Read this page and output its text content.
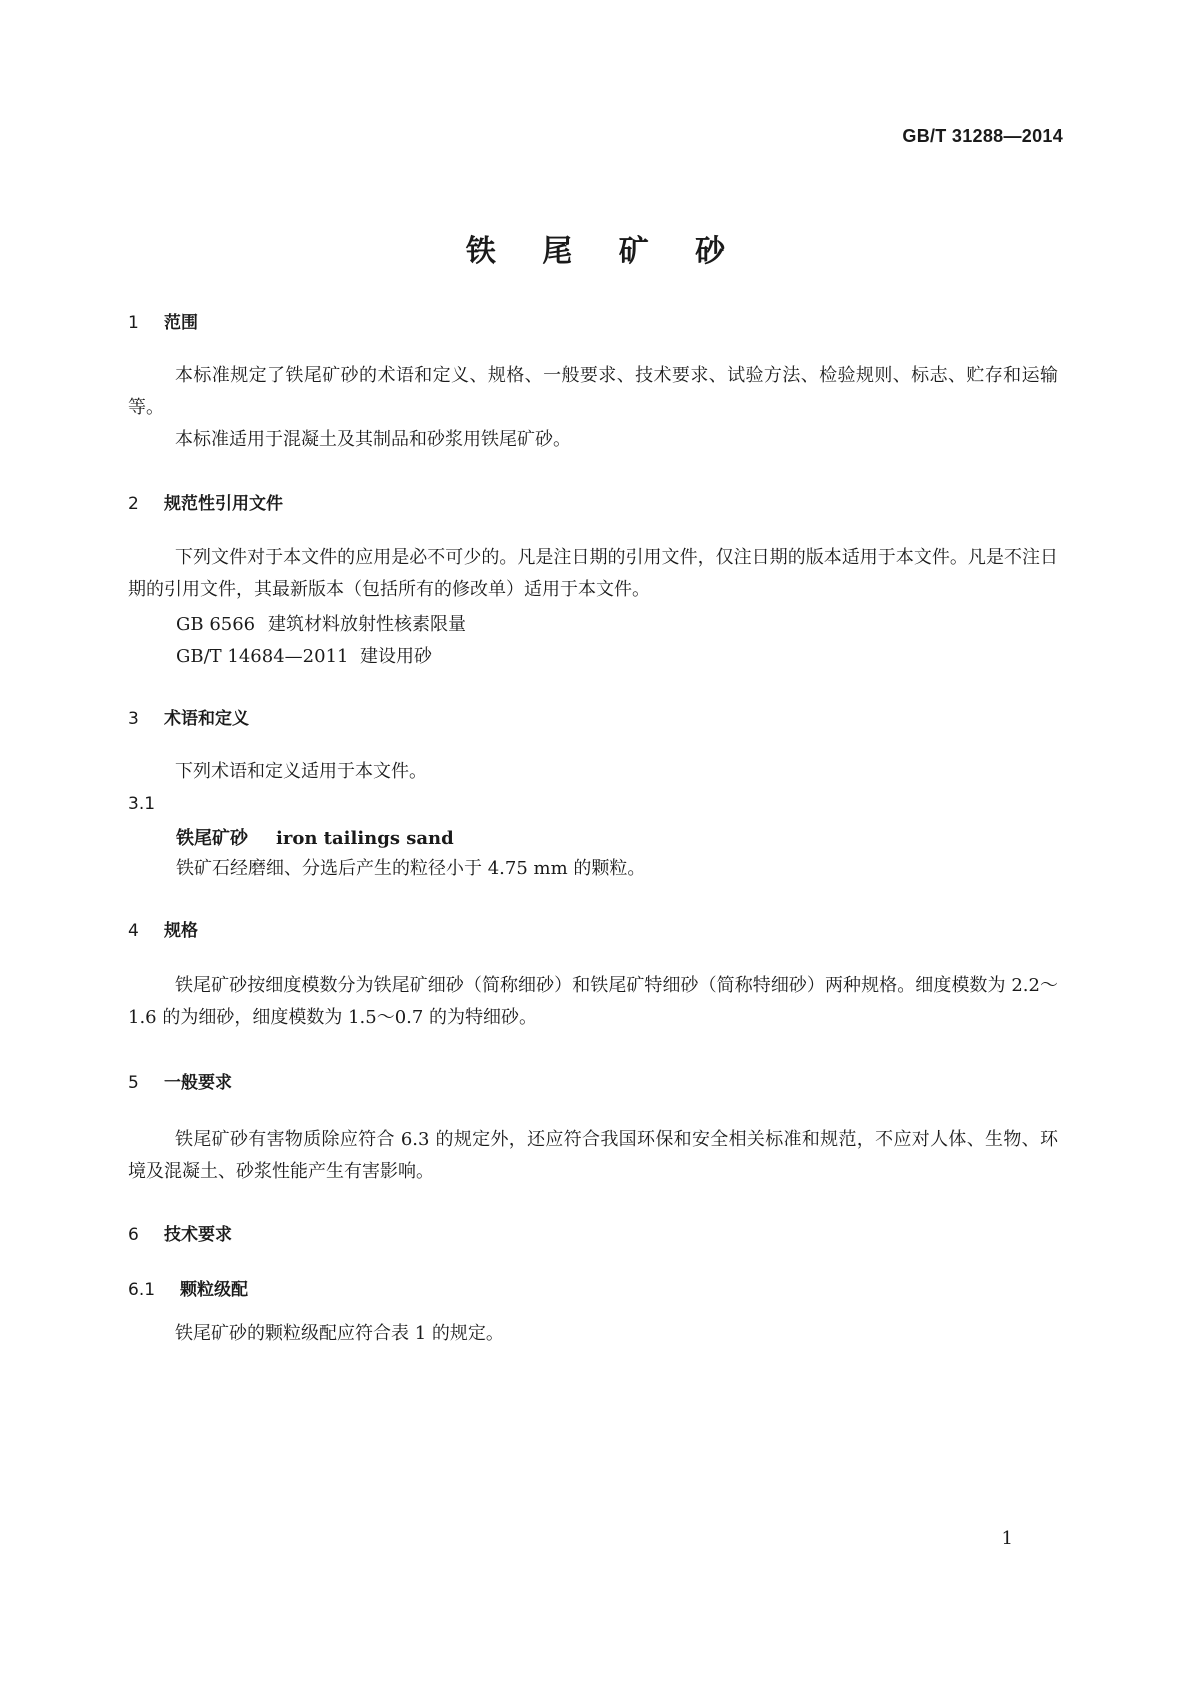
GB/T 31288—2014
铁 尾 矿 砂
1 范围
本标准规定了铁尾矿砂的术语和定义、规格、一般要求、技术要求、试验方法、检验规则、标志、贮存和运输等。
本标准适用于混凝土及其制品和砂浆用铁尾矿砂。
2 规范性引用文件
下列文件对于本文件的应用是必不可少的。凡是注日期的引用文件，仅注日期的版本适用于本文件。凡是不注日期的引用文件，其最新版本（包括所有的修改单）适用于本文件。
GB 6566 建筑材料放射性核素限量
GB/T 14684—2011 建设用砂
3 术语和定义
下列术语和定义适用于本文件。
3.1
铁尾矿砂 iron tailings sand
铁矿石经磨细、分选后产生的粒径小于 4.75 mm 的颗粒。
4 规格
铁尾矿砂按细度模数分为铁尾矿细砂（简称细砂）和铁尾矿特细砂（简称特细砂）两种规格。细度模数为 2.2～1.6 的为细砂，细度模数为 1.5～0.7 的为特细砂。
5 一般要求
铁尾矿砂有害物质除应符合 6.3 的规定外，还应符合我国环保和安全相关标准和规范，不应对人体、生物、环境及混凝土、砂浆性能产生有害影响。
6 技术要求
6.1 颗粒级配
铁尾矿砂的颗粒级配应符合表 1 的规定。
1
